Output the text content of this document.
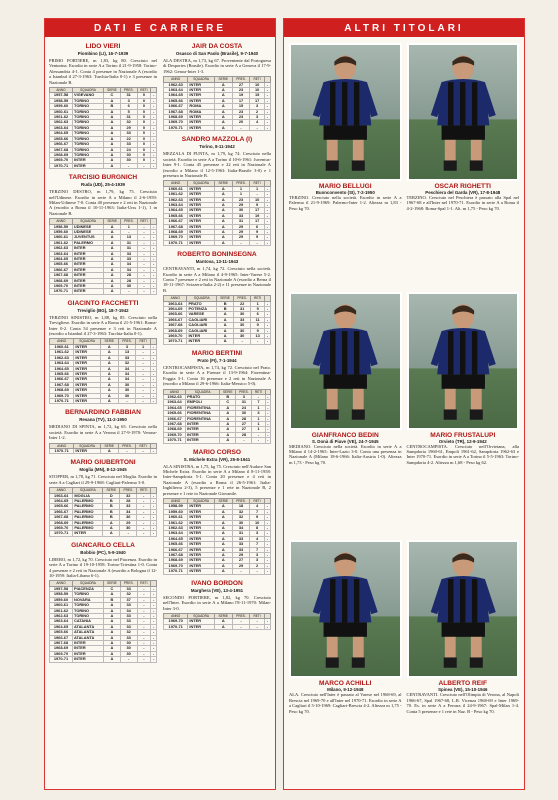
DATI E CARRIERE
LIDO VIERI
Piombino (LI), 16-7-1939
PRIMO PORTIERE, m 1,83, kg 80. Cresciuto nel Venturina. Esordio in serie A a Torino il 21-9-1958: Torino-Alessandria 4-1. Conta 4 presenze in Nazionale A (esordio a Istanbul il 27-3-1963: Turchia-Italia 0-1) e 3 presenze in Nazionale B.
ANNO	SQUADRA	SERIE	PRES.	RETI	
1957-58	VIGEVANO	C	31	0	-
1958-59	TORINO	A	3	0	-
1959-60	TORINO	B	6	0	-
1960-61	TORINO	A	5	0	-
1961-62	TORINO	A	31	0	-
1962-63	TORINO	A	32	0	-
1963-64	TORINO	A	29	0	-
1964-65	TORINO	A	33	0	-
1965-66	TORINO	A	22	0	-
1966-67	TORINO	A	33	0	-
1967-68	TORINO	A	24	0	-
1968-69	TORINO	A	30	0	-
1969-70	INTER	A	30	0	-
1970-71	INTER	A	-	-	-
TARCISIO BURGNICH
Ruda (UD), 25-4-1939
TERZINO DESTRO, m 1,79, kg 75. Cresciuto nell'Udinese. Esordio in serie A a Milano il 2-6-1959: Milan-Udinese 7-0. Conta 40 presenze e 2 reti in Nazionale A (esordio a Roma il 10-11-1963: Italia-Urss 1-1), 1 in Nazionale B.
ANNO	SQUADRA	SERIE	PRES.	RETI	
1958-59	UDINESE	A	1	-	-
1959-60	UDINESE	A	-	-	-
1960-61	JUVENTUS	A	13	-	-
1961-62	PALERMO	A	31	-	-
1962-63	INTER	A	31	-	-
1963-64	INTER	A	33	-	-
1964-65	INTER	A	33	-	-
1965-66	INTER	A	34	-	-
1966-67	INTER	A	34	-	-
1967-68	INTER	A	28	-	-
1968-69	INTER	A	28	-	-
1969-70	INTER	A	30	-	-
1970-71	INTER	A	-	-	-
GIACINTO FACCHETTI
Treviglio (BG), 18-7-1942
TERZINO SINISTRO, m 1,88, kg 85. Cresciuto nella Trevigliese. Esordio in serie A a Roma il 21-5-1961: Roma-Inter 0-2. Conta 54 presenze e 3 reti in Nazionale A (esordio a Istanbul il 27-3-1963: Turchia-Italia 0-1).
ANNO	SQUADRA	SERIE	PRES.	RETI	
1960-61	INTER	A	3	1	-
1961-62	INTER	A	13	-	-
1962-63	INTER	A	33	-	-
1963-64	INTER	A	32	-	-
1964-65	INTER	A	34	-	-
1965-66	INTER	A	34	-	-
1966-67	INTER	A	34	-	-
1967-68	INTER	A	30	-	-
1968-69	INTER	A	30	-	-
1969-70	INTER	A	30	-	-
1970-71	INTER	A	-	-	-
BERNARDINO FABBIAN
Resana (TV), 11-2-1950
MEDIANO DI SPINTA, m 1,72, kg 65. Cresciuto nella società. Esordio in serie A a Verona il 27-9-1970: Verona-Inter 1-2.
ANNO	SQUADRA	SERIE	PRES.	RETI	
1970-71	INTER	A	-	-	-
MARIO GIUBERTONI
Moglia (MN), 8-12-1945
STOPPER, m 1,78, kg 71. Cresciuto nel Moglia. Esordio in serie A a Cagliari il 29-9-1968: Cagliari-Palermo 3-0.
ANNO	SQUADRA	SERIE	PRES.	RETI	
1963-64	MOGLIA	D	32	-	-
1964-65	PALERMO	B	28	-	-
1965-66	PALERMO	B	33	-	-
1966-67	PALERMO	B	34	-	-
1967-68	PALERMO	B	36	-	-
1968-69	PALERMO	A	29	-	-
1969-70	PALERMO	A	30	-	-
1970-71	INTER	A	-	-	-
GIANCARLO CELLA
Bobbio (PC), 5-9-1940
LIBERO, m 1,72, kg 70. Cresciuto nel Piacenza. Esordio in serie A a Torino il 19-10-1958: Torino-Triestina 1-0. Conta 4 presenze e 2 reti in Nazionale A (esordio a Bologna il 12-10-1959: Italia-Libano 6-1).
ANNO	SQUADRA	SERIE	PRES.	RETI	
1957-58	PIACENZA	C	33	-	-
1958-59	TORINO	A	32	-	-
1959-60	NOVARA	B	37	-	-
1960-61	TORINO	A	33	-	-
1961-62	TORINO	A	34	-	-
1962-63	TORINO	A	33	-	-
1963-64	CATANIA	A	33	-	-
1964-65	ATALANTA	A	33	-	-
1965-66	ATALANTA	A	32	-	-
1966-67	ATALANTA	A	33	-	-
1967-68	INTER	A	30	-	-
1968-69	INTER	A	30	-	-
1969-70	INTER	A	30	-	-
1970-71	INTER	A	-	-	-
JAIR DA COSTA
Osasco di San Paolo (Brasile), 9-7-1940
ALA DESTRA, m 1,73, kg 67. Proveniente dal Portoguesa di Desportes (Brasile). Esordio in serie A a Genova il 17-9-1962: Genoa-Inter 1-3.
ANNO	SQUADRA	SERIE	PRES.	RETI	
1962-63	INTER	A	27	10	-
1963-64	INTER	A	23	10	-
1964-65	INTER	A	19	15	-
1965-66	INTER	A	17	17	-
1966-67	ROMA	A	15	3	-
1967-68	ROMA	A	23	2	-
1968-69	INTER	A	23	3	-
1969-70	INTER	A	20	4	-
1970-71	INTER	A	-	-	-
SANDRO MAZZOLA (I)
Torino, 8-11-1942
MEZZALA DI PUNTA, m 1,79, kg 74. Cresciuto nella società. Esordio in serie A a Torino il 10-6-1961: Juventus-Inter 9-1. Conta 45 presenze e 22 reti in Nazionale A (esordio a Milano il 12-5-1963: Italia-Brasile 3-0) e 1 presenza in Nazionale B.
ANNO	SQUADRA	SERIE	PRES.	RETI	
1960-61	INTER	A	1	1	-
1961-62	INTER	A	1	-	-
1962-63	INTER	A	23	10	-
1963-64	INTER	A	29	9	-
1964-65	INTER	A	30	17	-
1965-66	INTER	A	33	19	-
1966-67	INTER	A	31	17	-
1967-68	INTER	A	29	6	-
1968-69	INTER	A	29	9	-
1969-70	INTER	A	29	9	-
1970-71	INTER	A	-	-	-
ROBERTO BONINSEGNA
Mantova, 13-11-1943
CENTRAVANTI, m 1,74, kg 72. Cresciuto nella società. Esordio in serie A a Milano il 4-9-1965: Inter-Varese 5-2. Conta 7 presenze e 2 reti in Nazionale A (esordio a Berna il 18-11-1967: Svizzera-Italia 2-2) e 11 presenze in Nazionale B.
ANNO	SQUADRA	SERIE	PRES.	RETI	
1963-64	PRATO	B	22	1	-
1964-65	POTENZA	B	31	9	-
1965-66	VARESE	A	30	6	-
1966-67	CAGLIARI	A	33	11	-
1967-68	CAGLIARI	A	30	9	-
1968-69	CAGLIARI	A	30	9	-
1969-70	INTER	A	30	13	-
1970-71	INTER	A	-	-	-
MARIO BERTINI
Prato (FI), 7-1-1944
CENTROCAMPISTA, m 1,74, kg 72. Cresciuto nel Prato. Esordio in serie A a Firenze il 13-9-1964: Fiorentina-Foggia 3-1. Conta 16 presenze e 2 reti in Nazionale A (esordio a Milano il 29-6-1966: Italia-Messico 5-0).
ANNO	SQUADRA	SERIE	PRES.	RETI	
1962-63	PRATO	B	3	-	-
1963-64	EMPOLI	C	31	7	-
1964-65	FIORENTINA	A	24	1	-
1965-66	FIORENTINA	A	30	3	-
1966-67	FIORENTINA	A	28	1	-
1967-68	INTER	A	27	1	-
1968-69	INTER	A	27	1	-
1969-70	INTER	A	28	-	-
1970-71	INTER	A	-	-	-
MARIO CORSO
S. Michele Extra (VR), 25-8-1941
ALA SINISTRA, m 1,75, kg 75. Cresciuto nell'Audace San Michele Extra. Esordio in serie A a Milano il 8-11-1958: Inter-Sampdoria 5-1. Conta 20 presenze e 4 reti in Nazionale A (esordio a Roma il 26-5-1961: Italia-Inghilterra 2-3), 5 presenze e 1 rete in Nazionale B, 2 presenze e 1 rete in Nazionale Giovanile.
ANNO	SQUADRA	SERIE	PRES.	RETI	
1958-59	INTER	A	18	4	-
1959-60	INTER	A	32	7	-
1960-61	INTER	A	32	9	-
1961-62	INTER	A	30	10	-
1962-63	INTER	A	34	8	-
1963-64	INTER	A	31	3	-
1964-65	INTER	A	33	4	-
1965-66	INTER	A	33	7	-
1966-67	INTER	A	33	7	-
1967-68	INTER	A	29	3	-
1968-69	INTER	A	27	3	-
1969-70	INTER	A	29	2	-
1970-71	INTER	A	-	-	-
IVANO BORDON
Marghera (VE), 13-4-1951
SECONDO PORTIERE, m 1,82, kg 70. Cresciuto nell'Inter. Esordio in serie A a Milano l'8-11-1970: Milan-Inter 3-0.
ANNO	SQUADRA	SERIE	PRES.	RETI	
1969-70	INTER	A	-	-	-
1970-71	INTER	A	-	-	-
ALTRI TITOLARI
MARIO BELLUGI
Buonconvento (SI), 7-2-1950
TERZINO. Cresciuto nella società. Esordio in serie A a Palermo il 21-9-1969: Palermo-Inter 1-2. Altezza m 1,83 - Peso kg 70.
OSCAR RIGHETTI
Peschiera del Garda (VR), 17-8-1948
TERZINO. Cresciuto nel Peschiera è passato alla Spal nel 1967-68 e all'Inter nel 1970-71. Esordio in serie A a Roma il 4-2-1968: Roma-Spal 1-1. Alt. m 1,75 - Peso kg 70.
GIANFRANCO BEDIN
S. Donà di Piave (VE), 24-7-1945
MEDIANO. Cresciuto nella società. Esordio in serie A a Milano il 14-2-1965: Inter-Lazio 3-0. Conta una presenza in Nazionale A (Milano 18-6-1966: Italia-Austria 1-0). Altezza m 1,73 - Peso kg 70.
MARIO FRUSTALUPI
Orvieto (TR), 12-9-1942
CENTROCAMPISTA. Cresciuto nell'Orvietana, alla Sampdoria 1960-61, Empoli 1961-62, Sampdoria 1962-63 e Inter 1970-71. Esordio in serie A a Torino il 5-5-1963: Torino-Sampdoria 4-2. Altezza m 1,68 - Peso kg 62.
MARCO ACHILLI
Milano, 9-12-1948
ALA. Cresciuto nell'Inter è passato al Varese nel 1968-69, al Brescia nel 1969-70 e all'Inter nel 1970-71. Esordio in serie A a Cagliari il 5-10-1969: Cagliari-Brescia 4-2. Altezza m 1,75 - Peso kg 70.
ALBERTO REIF
Spinea (VE), 15-10-1946
CENTRAVANTI. Cresciuto nell'Olimpia di Verona, al Napoli 1966-67, Spal 1967-68, L.R. Vicenza 1968-69 e Inter 1969-70. Es. in serie A a Ferrara il 24-9-1967: Spal-Milan 1-4. Conta 5 presenze e 1 rete in Naz. B - Peso kg 70.
